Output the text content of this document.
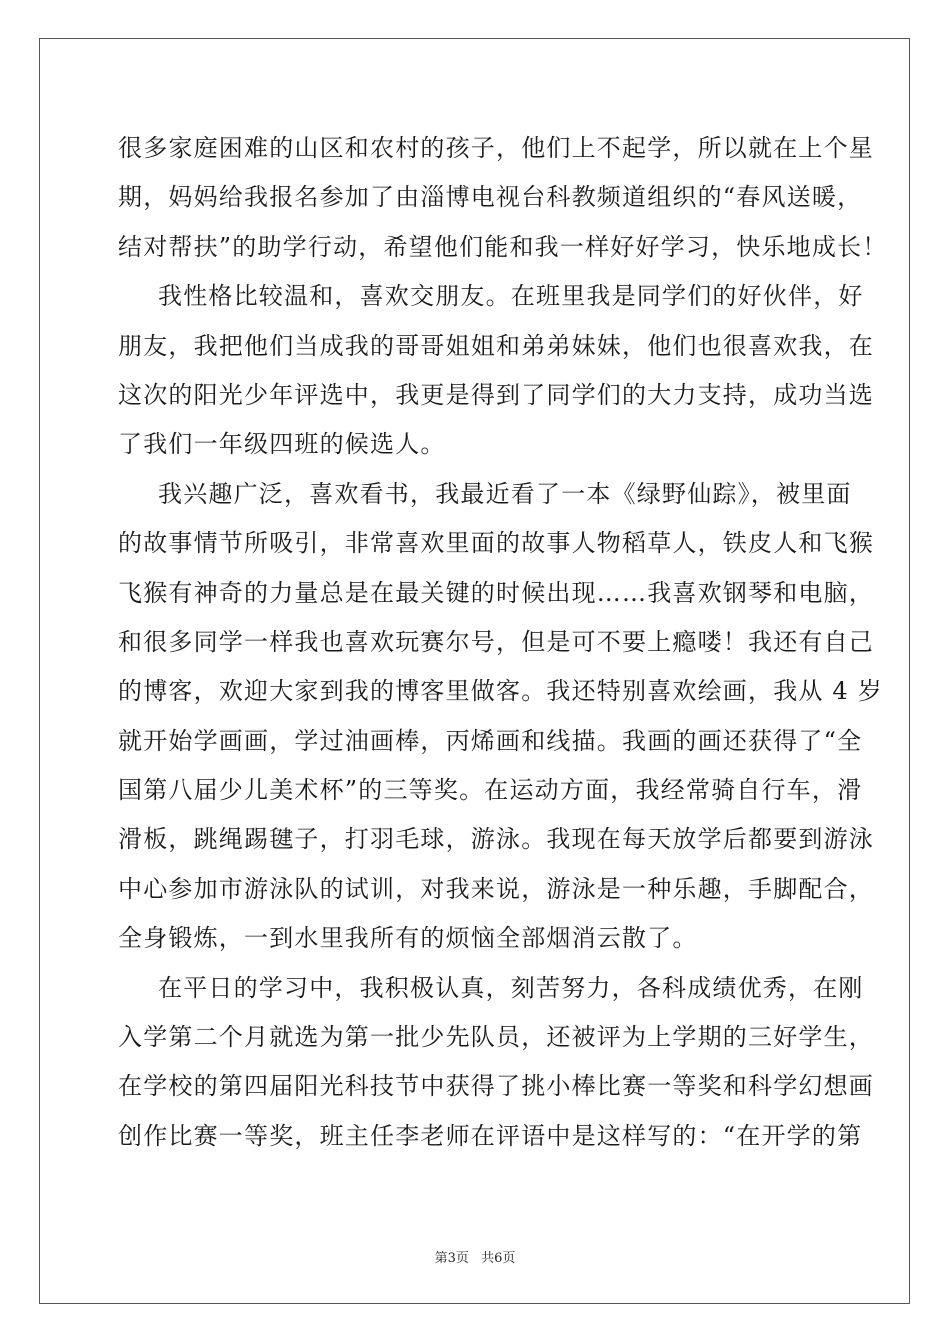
很多家庭困难的山区和农村的孩子，他们上不起学，所以就在上个星
期，妈妈给我报名参加了由淄博电视台科教频道组织的“春风送暖，
结对帮扶”的助学行动，希望他们能和我一样好好学习，快乐地成长！
我性格比较温和，喜欢交朋友。在班里我是同学们的好伙伴，好
朋友，我把他们当成我的哥哥姐姐和弟弟妹妹，他们也很喜欢我，在
这次的阳光少年评选中，我更是得到了同学们的大力支持，成功当选
了我们一年级四班的候选人。
我兴趣广泛，喜欢看书，我最近看了一本《绿野仙踪》，被里面
的故事情节所吸引，非常喜欢里面的故事人物稻草人，铁皮人和飞猴
飞猴有神奇的力量总是在最关键的时候出现……我喜欢钢琴和电脑，
和很多同学一样我也喜欢玩赛尔号，但是可不要上瘾喽！我还有自己
的博客，欢迎大家到我的博客里做客。我还特别喜欢绘画，我从 4 岁
就开始学画画，学过油画棒，丙烯画和线描。我画的画还获得了“全
国第八届少儿美术杯”的三等奖。在运动方面，我经常骑自行车，滑
滑板，跳绳踢毽子，打羽毛球，游泳。我现在每天放学后都要到游泳
中心参加市游泳队的试训，对我来说，游泳是一种乐趣，手脚配合，
全身锻炼，一到水里我所有的烦恼全部烟消云散了。
在平日的学习中，我积极认真，刻苦努力，各科成绩优秀，在刚
入学第二个月就选为第一批少先队员，还被评为上学期的三好学生，
在学校的第四届阳光科技节中获得了挑小棒比赛一等奖和科学幻想画
创作比赛一等奖，班主任李老师在评语中是这样写的：“在开学的第
第3页 共6页
